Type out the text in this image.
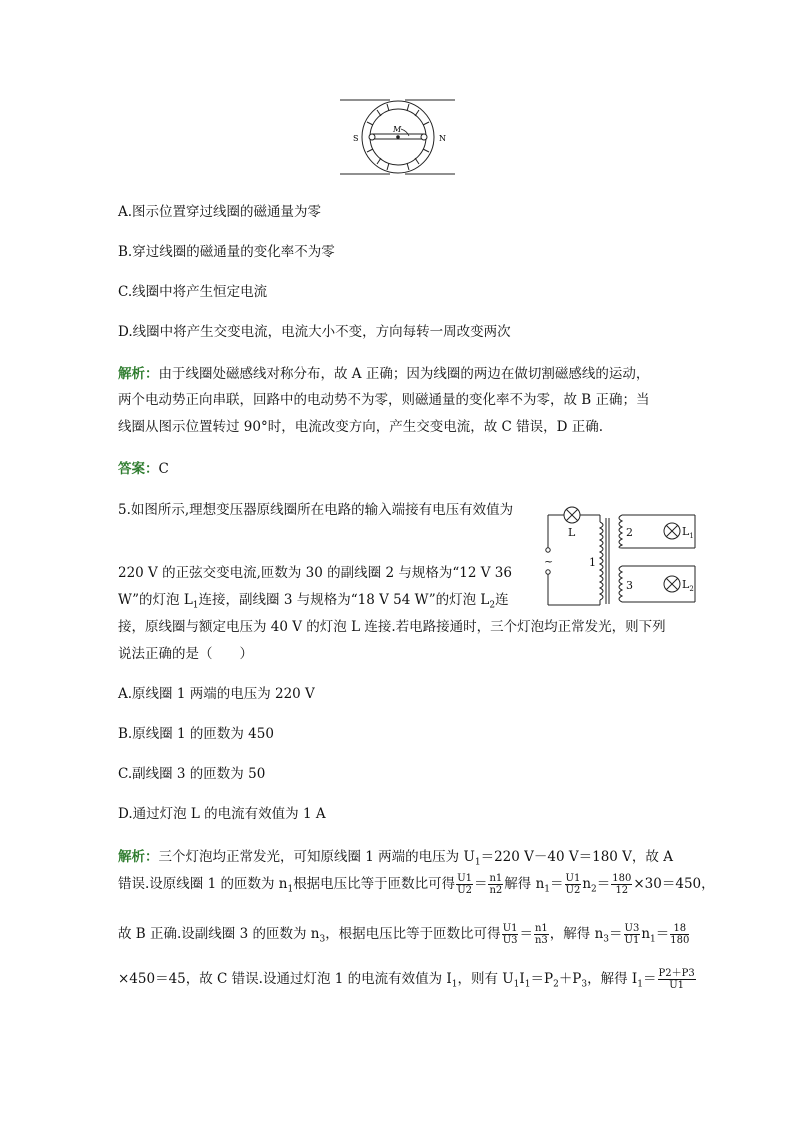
S	N
M
A.图示位置穿过线圈的磁通量为零
B.穿过线圈的磁通量的变化率不为零
C.线圈中将产生恒定电流
D.线圈中将产生交变电流，电流大小不变，方向每转一周改变两次
解析：由于线圈处磁感线对称分布，故 A 正确；因为线圈的两边在做切割磁感线的运动，
两个电动势正向串联，回路中的电动势不为零，则磁通量的变化率不为零，故 B 正确；当
线圈从图示位置转过 90°时，电流改变方向，产生交变电流，故 C 错误，D 正确.
答案：C
5.如图所示,理想变压器原线圈所在电路的输入端接有电压有效值为
~
L
1
2
3
$L_1$
$L_2$
220 V 的正弦交变电流,匝数为 30 的副线圈 2 与规格为“12 V 36
W”的灯泡 $L_1$连接，副线圈 3 与规格为“18 V 54 W”的灯泡 $L_2$连
接，原线圈与额定电压为 40 V 的灯泡 L 连接.若电路接通时，三个灯泡均正常发光，则下列
说法正确的是（　　）
A.原线圈 1 两端的电压为 220 V
B.原线圈 1 的匝数为 450
C.副线圈 3 的匝数为 50
D.通过灯泡 L 的电流有效值为 1 A
解析：三个灯泡均正常发光，可知原线圈 1 两端的电压为 $U_1=220$ V－40 V＝180 V，故 A
错误.设原线圈 1 的匝数为 $n_1$根据电压比等于匝数比可得 $\frac{U1}{U2} = \frac{n1}{n2}$ 解得 $n_1= \frac{U1}{U2} n_2= \frac{180}{12} \times 30=450$，
故 B 正确.设副线圈 3 的匝数为 $n_3$，根据电压比等于匝数比可得 $\frac{U1}{U3} = \frac{n1}{n3}$ ，解得 $n_3= \frac{U3}{U1} n_1= \frac{18}{180}$
×450＝45，故 C 错误.设通过灯泡 1 的电流有效值为 $I_1$，则有 $U_1I_1=P_2+P_3$，解得 $I_1= \frac{P2+P3}{U1}$
